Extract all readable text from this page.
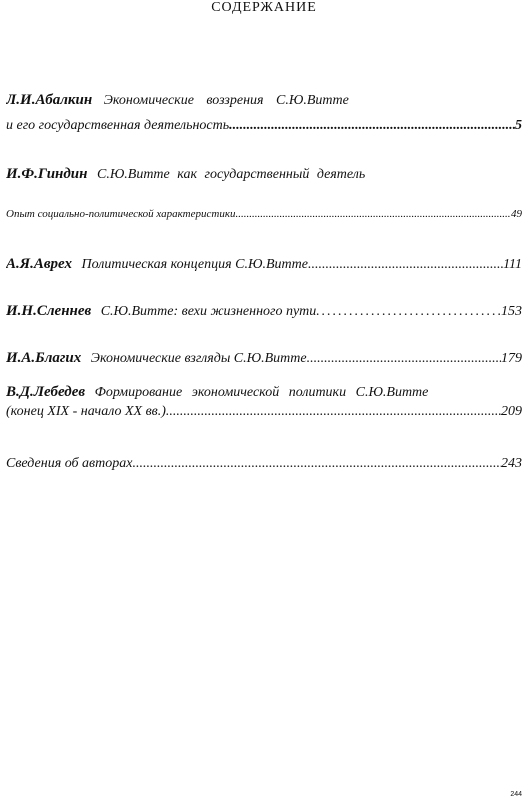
СОДЕРЖАНИЕ
Л.И.Абалкин Экономические воззрения С.Ю.Витте
и его государственная деятельность .....	5
И.Ф.Гиндин С.Ю.Витте как государственный деятель
Опыт социально-политической характеристики .....	49
А.Я.Аврех Политическая концепция С.Ю.Витте .....	111
И.Н.Сленнев С.Ю.Витте: вехи жизненного пути .....	153
И.А.Благих Экономические взгляды С.Ю.Витте .....	179
В.Д.Лебедев Формирование экономической политики С.Ю.Витте
(конец XIX - начало XX вв.) .....	209
Сведения об авторах .....	243
244
